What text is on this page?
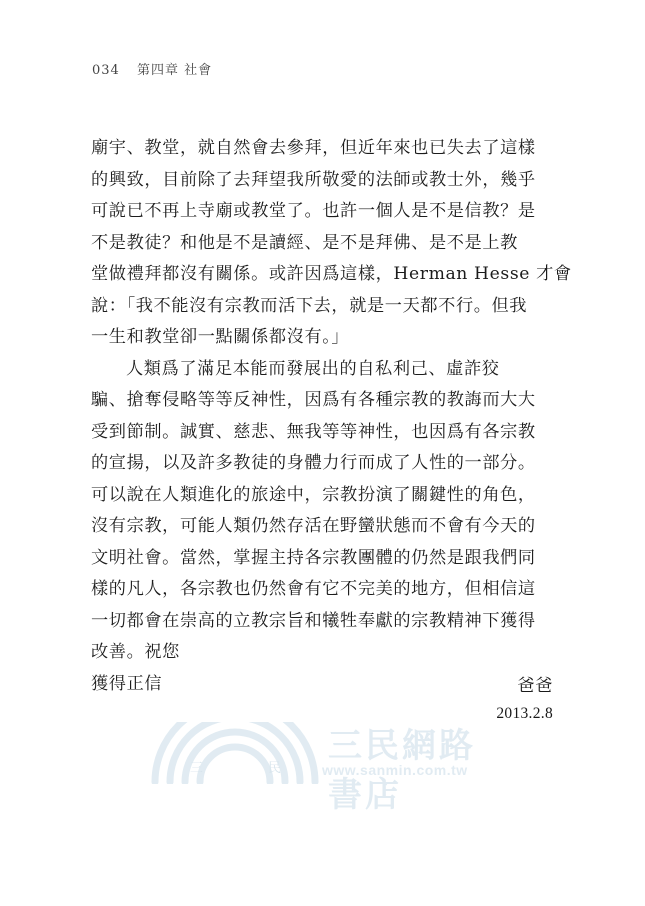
034 第四章 社會
廟宇、教堂，就自然會去參拜，但近年來也已失去了這樣
的興致，目前除了去拜望我所敬愛的法師或教士外，幾乎
可說已不再上寺廟或教堂了。也許一個人是不是信教？是
不是教徒？和他是不是讀經、是不是拜佛、是不是上教
堂做禮拜都沒有關係。或許因爲這樣，Herman Hesse 才會
說：「我不能沒有宗教而活下去，就是一天都不行。但我
一生和教堂卻一點關係都沒有。」
人類爲了滿足本能而發展出的自私利己、虛詐狡
騙、搶奪侵略等等反神性，因爲有各種宗教的教誨而大大
受到節制。誠實、慈悲、無我等等神性，也因爲有各宗教
的宣揚，以及許多教徒的身體力行而成了人性的一部分。
可以說在人類進化的旅途中，宗教扮演了關鍵性的角色，
沒有宗教，可能人類仍然存活在野蠻狀態而不會有今天的
文明社會。當然，掌握主持各宗教團體的仍然是跟我們同
樣的凡人，各宗教也仍然會有它不完美的地方，但相信這
一切都會在崇高的立教宗旨和犧牲奉獻的宗教精神下獲得
改善。祝您
獲得正信	爸爸
2013.2.8
三	民
三民網路書店
www.sanmin.com.tw
